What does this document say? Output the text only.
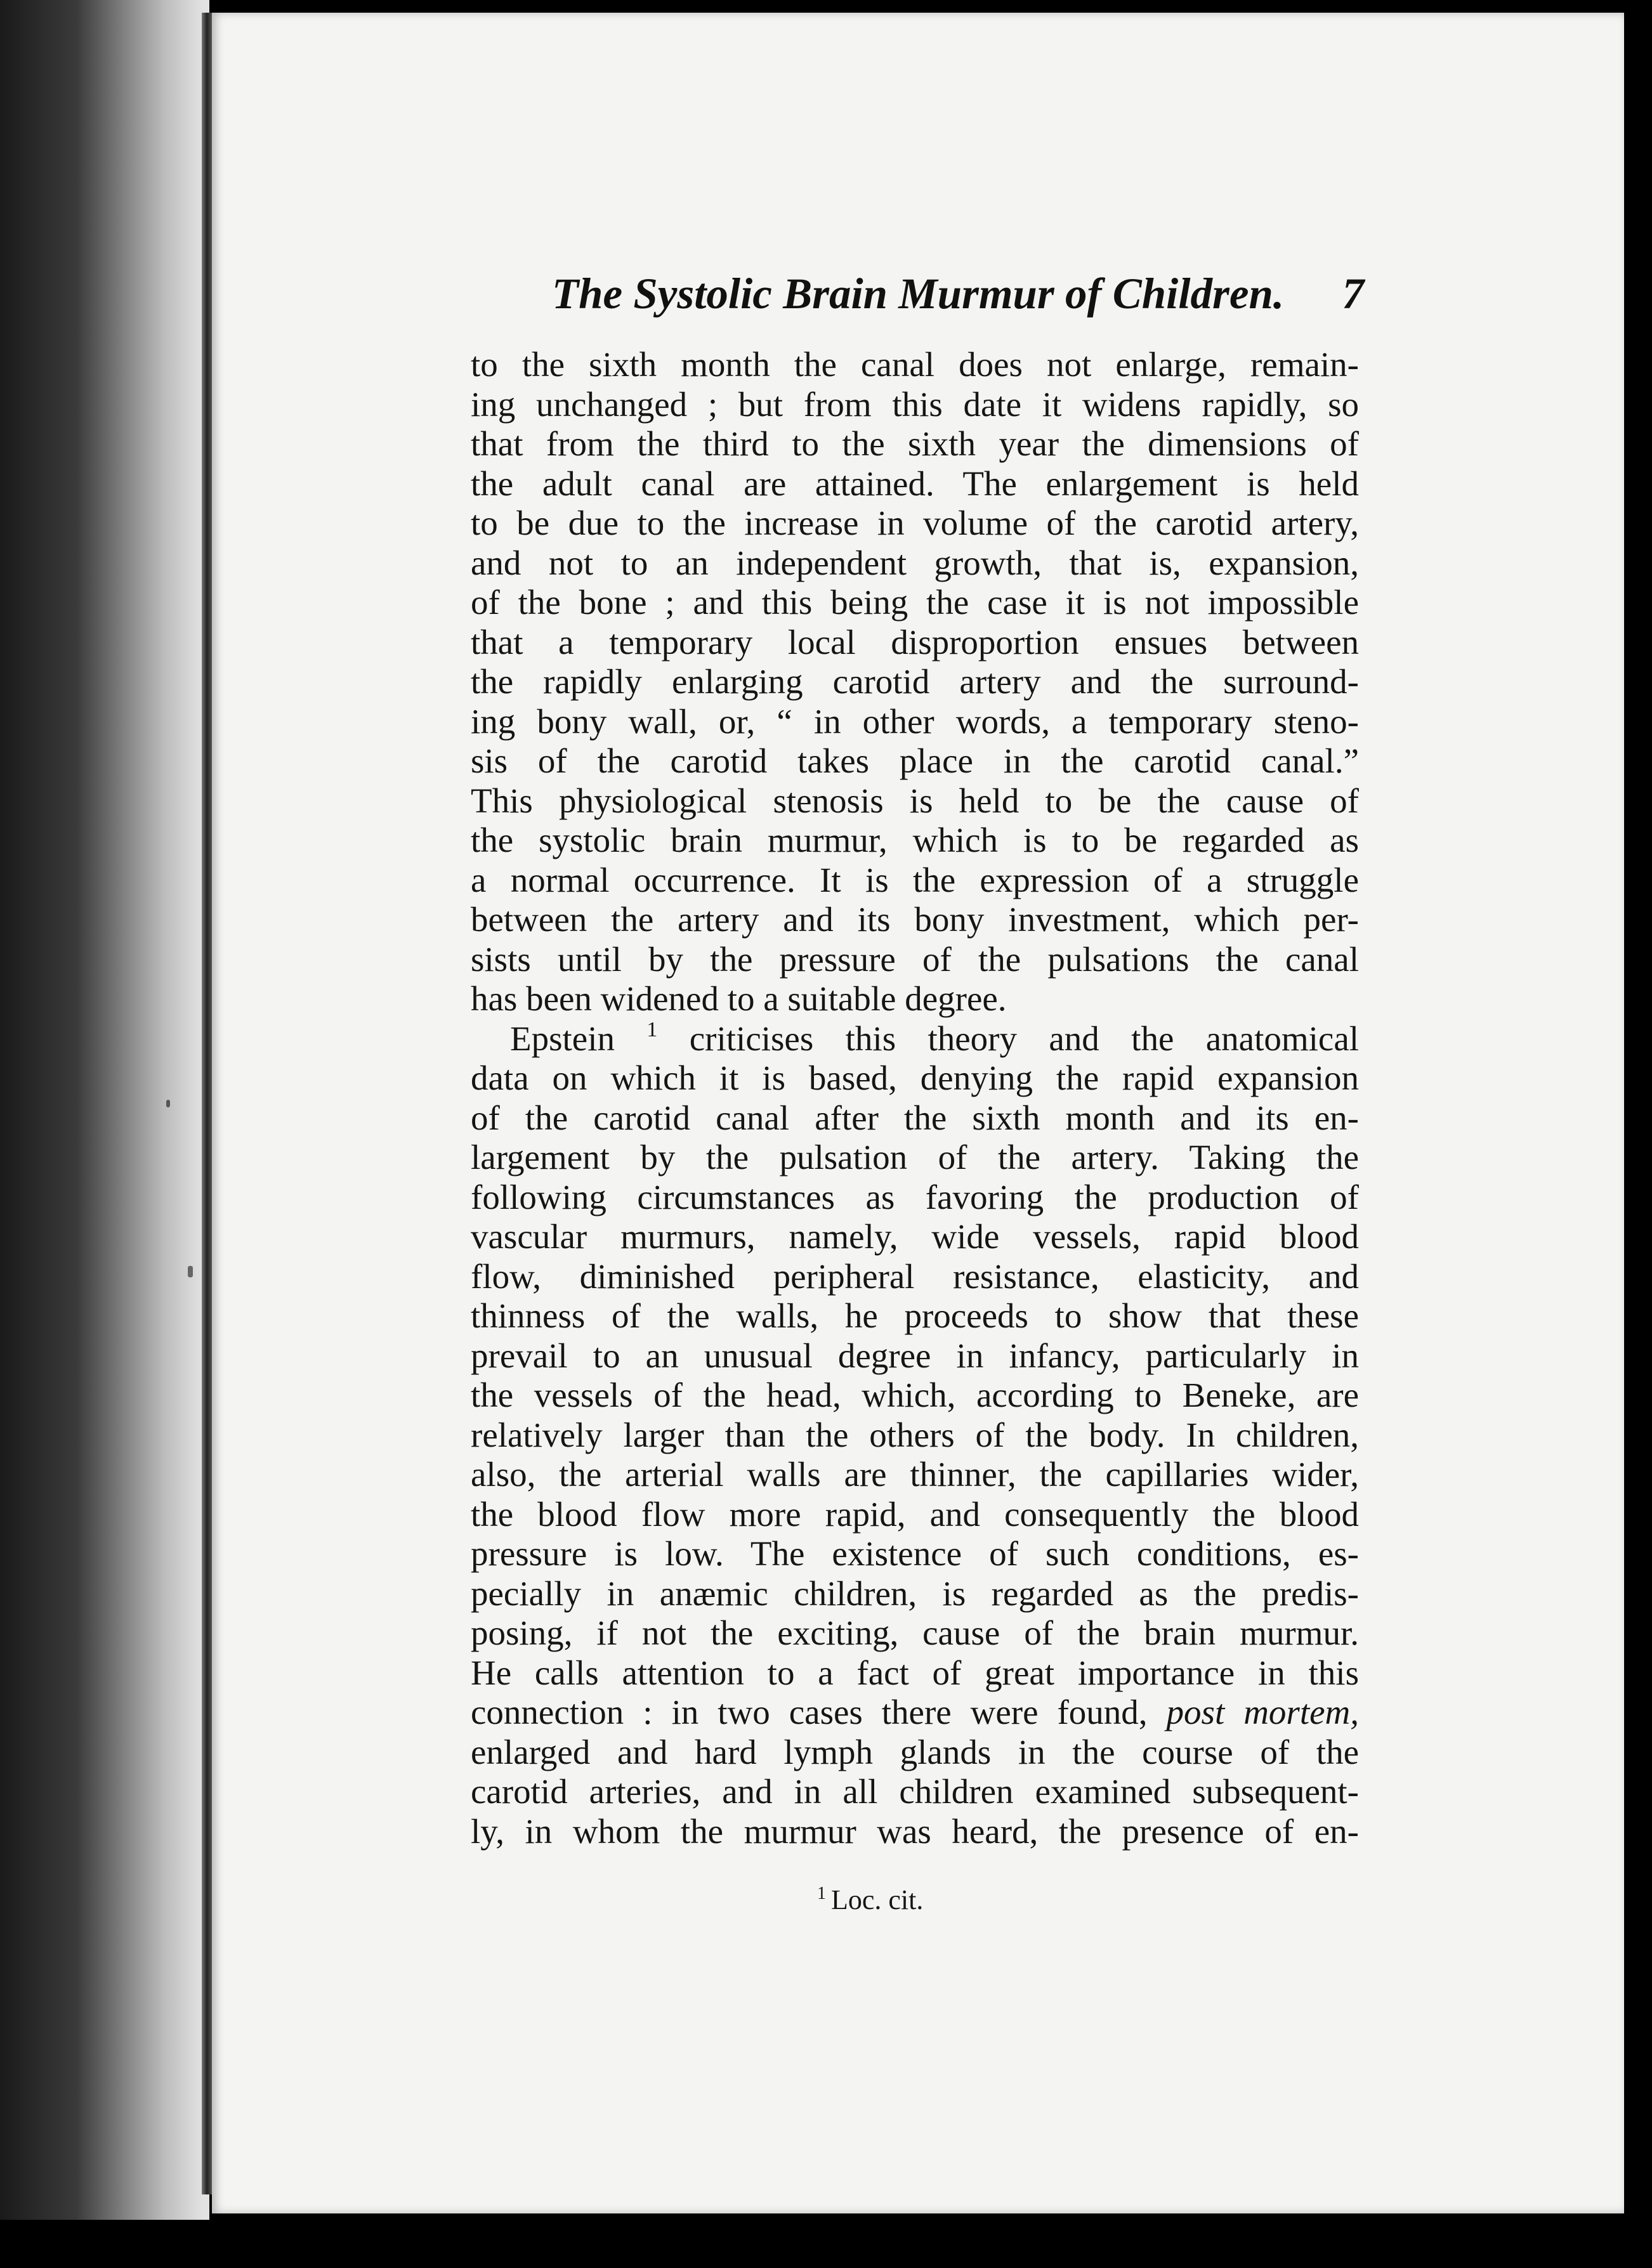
The Systolic Brain Murmur of Children. 7
to the sixth month the canal does not enlarge, remain-
ing unchanged ; but from this date it widens rapidly, so
that from the third to the sixth year the dimensions of
the adult canal are attained. The enlargement is held
to be due to the increase in volume of the carotid artery,
and not to an independent growth, that is, expansion,
of the bone ; and this being the case it is not impossible
that a temporary local disproportion ensues between
the rapidly enlarging carotid artery and the surround-
ing bony wall, or, “ in other words, a temporary steno-
sis of the carotid takes place in the carotid canal.”
This physiological stenosis is held to be the cause of
the systolic brain murmur, which is to be regarded as
a normal occurrence. It is the expression of a struggle
between the artery and its bony investment, which per-
sists until by the pressure of the pulsations the canal
has been widened to a suitable degree.
Epstein $^1$ criticises this theory and the anatomical
data on which it is based, denying the rapid expansion
of the carotid canal after the sixth month and its en-
largement by the pulsation of the artery. Taking the
following circumstances as favoring the production of
vascular murmurs, namely, wide vessels, rapid blood
flow, diminished peripheral resistance, elasticity, and
thinness of the walls, he proceeds to show that these
prevail to an unusual degree in infancy, particularly in
the vessels of the head, which, according to Beneke, are
relatively larger than the others of the body. In children,
also, the arterial walls are thinner, the capillaries wider,
the blood flow more rapid, and consequently the blood
pressure is low. The existence of such conditions, es-
pecially in anæmic children, is regarded as the predis-
posing, if not the exciting, cause of the brain murmur.
He calls attention to a fact of great importance in this
connection : in two cases there were found, post mortem,
enlarged and hard lymph glands in the course of the
carotid arteries, and in all children examined subsequent-
ly, in whom the murmur was heard, the presence of en-
$^1$ Loc. cit.
